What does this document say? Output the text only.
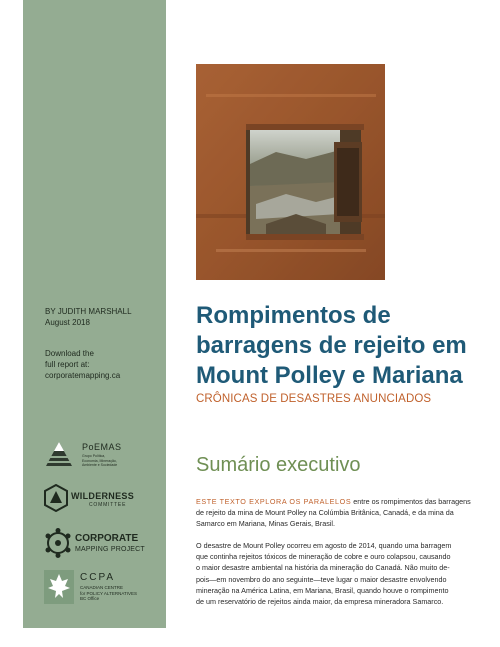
BY JUDITH MARSHALL
August 2018
Download the
full report at:
corporatemapping.ca
PoEMAS
Grupo Política,
Economia, Mineração,
Ambiente e Sociedade
WILDERNESS
COMMITTEE
CORPORATE
MAPPING PROJECT
CCPA
CANADIAN CENTRE
for POLICY ALTERNATIVES
BC Office
Rompimentos de
barragens de rejeito em
Mount Polley e Mariana
CRÔNICAS DE DESASTRES ANUNCIADOS
Sumário executivo
ESTE TEXTO EXPLORA OS PARALELOS entre os rompimentos das barragens
de rejeito da mina de Mount Polley na Colúmbia Britânica, Canadá, e da mina da
Samarco em Mariana, Minas Gerais, Brasil.
O desastre de Mount Polley ocorreu em agosto de 2014, quando uma barragem
que continha rejeitos tóxicos de mineração de cobre e ouro colapsou, causando
o maior desastre ambiental na história da mineração do Canadá. Não muito de-
pois—em novembro do ano seguinte—teve lugar o maior desastre envolvendo
mineração na América Latina, em Mariana, Brasil, quando houve o rompimento
de um reservatório de rejeitos ainda maior, da empresa mineradora Samarco.
